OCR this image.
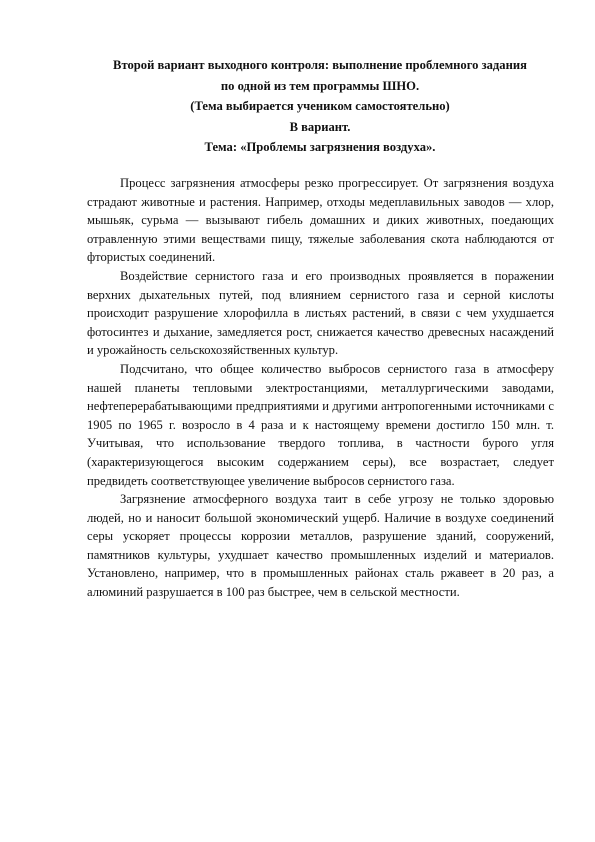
Второй вариант выходного контроля: выполнение проблемного задания
по одной из тем программы ШНО.
(Тема выбирается учеником самостоятельно)
В вариант.
Тема: «Проблемы загрязнения воздуха».

Процесс загрязнения атмосферы резко прогрессирует. От загрязнения воздуха страдают животные и растения. Например, отходы медеплавильных заводов — хлор, мышьяк, сурьма — вызывают гибель домашних и диких животных, поедающих отравленную этими веществами пищу, тяжелые заболевания скота наблюдаются от фтористых соединений.

Воздействие сернистого газа и его производных проявляется в поражении верхних дыхательных путей, под влиянием сернистого газа и серной кислоты происходит разрушение хлорофилла в листьях растений, в связи с чем ухудшается фотосинтез и дыхание, замедляется рост, снижается качество древесных насаждений и урожайность сельскохозяйственных культур.

Подсчитано, что общее количество выбросов сернистого газа в атмосферу нашей планеты тепловыми электростанциями, металлургическими заводами, нефтеперерабатывающими предприятиями и другими антропогенными источниками с 1905 по 1965 г. возросло в 4 раза и к настоящему времени достигло 150 млн. т. Учитывая, что использование твердого топлива, в частности бурого угля (характеризующегося высоким содержанием серы), все возрастает, следует предвидеть соответствующее увеличение выбросов сернистого газа.

Загрязнение атмосферного воздуха таит в себе угрозу не только здоровью людей, но и наносит большой экономический ущерб. Наличие в воздухе соединений серы ускоряет процессы коррозии металлов, разрушение зданий, сооружений, памятников культуры, ухудшает качество промышленных изделий и материалов. Установлено, например, что в промышленных районах сталь ржавеет в 20 раз, а алюминий разрушается в 100 раз быстрее, чем в сельской местности.
